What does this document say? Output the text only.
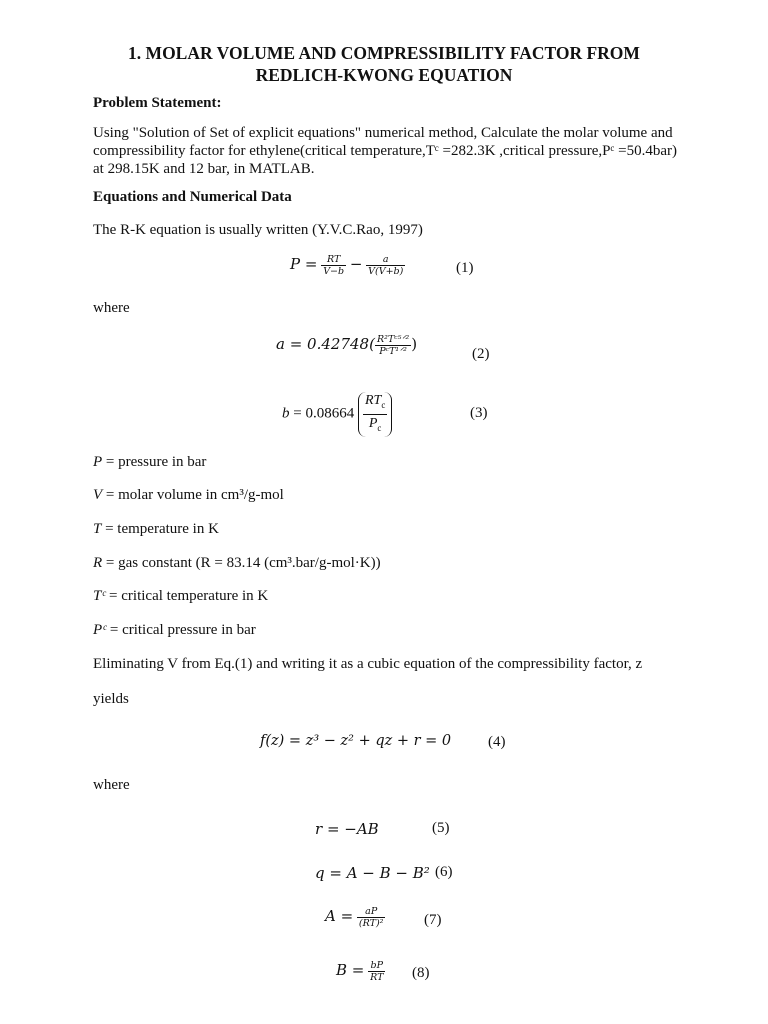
1. MOLAR VOLUME AND COMPRESSIBILITY FACTOR FROM
REDLICH-KWONG EQUATION
Problem Statement:
Using "Solution of Set of explicit equations" numerical method, Calculate the molar volume and compressibility factor for ethylene(critical temperature,Tᶜ =282.3K ,critical pressure,Pᶜ =50.4bar) at 298.15K and 12 bar, in MATLAB.
Equations and Numerical Data
The R-K equation is usually written (Y.V.C.Rao, 1997)
$P = \frac{RT}{V-b} - \frac{a}{V(V+b)}$	(1)
where
$a = 0.42748( \frac{\text{R²Tᶜ⁵ᐟ²}}{\text{PᶜT¹ᐟ²}}$ )
(2)
$b = 0.08664 \frac{RT_c}{P_c}$	(3)
P = pressure in bar
V = molar volume in cm³/g-mol
T = temperature in K
R = gas constant (R = 83.14 (cm³.bar/g-mol·K))
Tᶜ = critical temperature in K
Pᶜ = critical pressure in bar
Eliminating V from Eq.(1) and writing it as a cubic equation of the compressibility factor, z
yields
f(z) = z³ − z² + qz + r = 0 (4)
where
r = −AB	(5)
q = A − B − B² (6)
$A = \frac{aP}{\text{(RT)²}}$	(7)
$B = \frac{bP}{RT} (8)$
